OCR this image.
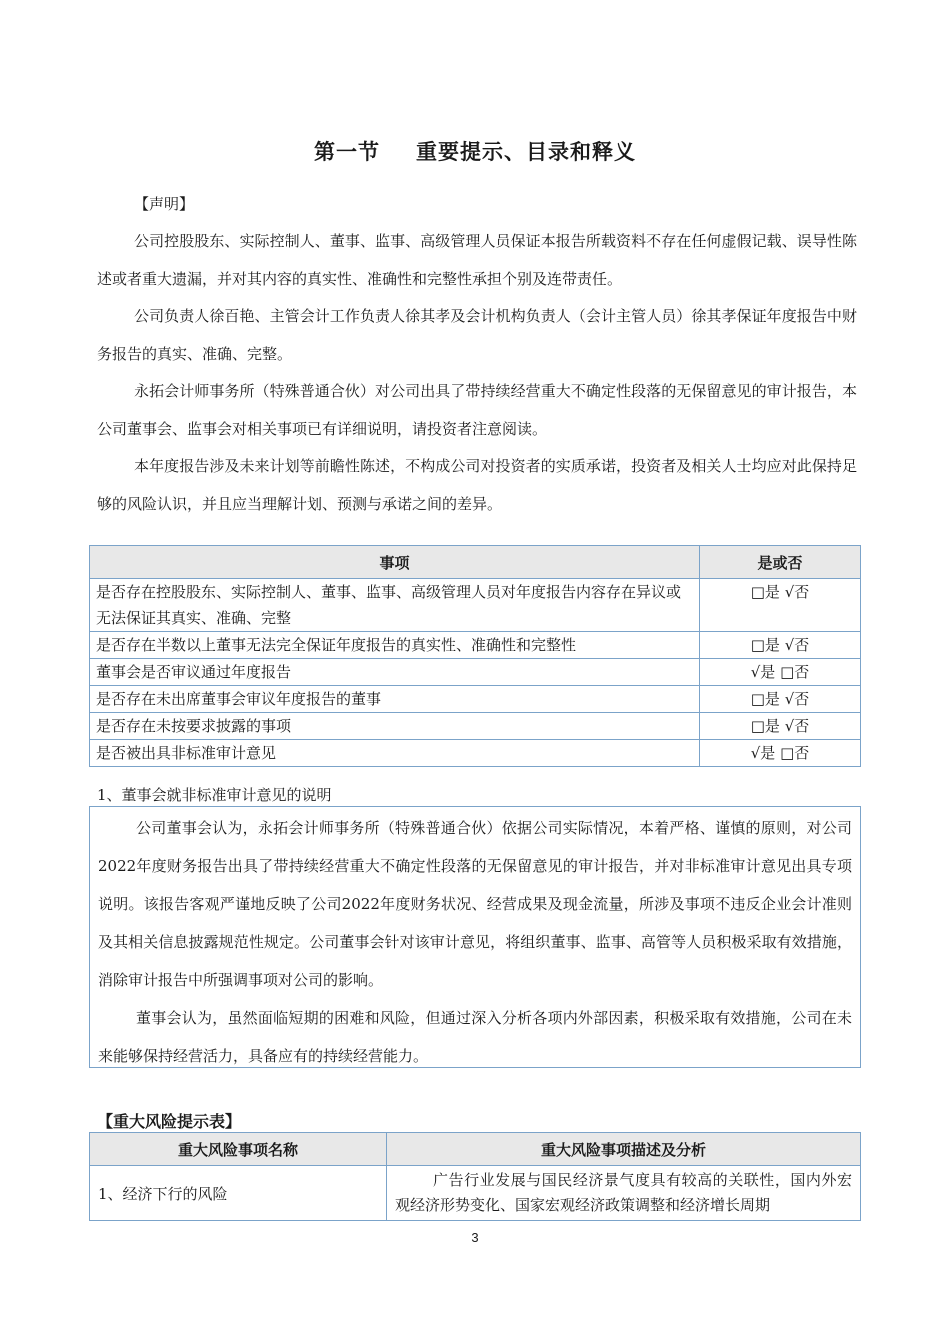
第一节 重要提示、目录和释义
【声明】
公司控股股东、实际控制人、董事、监事、高级管理人员保证本报告所载资料不存在任何虚假记载、误导性陈述或者重大遗漏，并对其内容的真实性、准确性和完整性承担个别及连带责任。
公司负责人徐百艳、主管会计工作负责人徐其孝及会计机构负责人（会计主管人员）徐其孝保证年度报告中财务报告的真实、准确、完整。
永拓会计师事务所（特殊普通合伙）对公司出具了带持续经营重大不确定性段落的无保留意见的审计报告，本公司董事会、监事会对相关事项已有详细说明，请投资者注意阅读。
本年度报告涉及未来计划等前瞻性陈述，不构成公司对投资者的实质承诺，投资者及相关人士均应对此保持足够的风险认识，并且应当理解计划、预测与承诺之间的差异。
事项	是或否
是否存在控股股东、实际控制人、董事、监事、高级管理人员对年度报告内容存在异议或无法保证其真实、准确、完整	□是 √否
是否存在半数以上董事无法完全保证年度报告的真实性、准确性和完整性	□是 √否
董事会是否审议通过年度报告	√是 □否
是否存在未出席董事会审议年度报告的董事	□是 √否
是否存在未按要求披露的事项	□是 √否
是否被出具非标准审计意见	√是 □否
1、董事会就非标准审计意见的说明

公司董事会认为，永拓会计师事务所（特殊普通合伙）依据公司实际情况，本着严格、谨慎的原则，对公司2022年度财务报告出具了带持续经营重大不确定性段落的无保留意见的审计报告，并对非标准审计意见出具专项说明。该报告客观严谨地反映了公司2022年度财务状况、经营成果及现金流量，所涉及事项不违反企业会计准则及其相关信息披露规范性规定。公司董事会针对该审计意见，将组织董事、监事、高管等人员积极采取有效措施，消除审计报告中所强调事项对公司的影响。

董事会认为，虽然面临短期的困难和风险，但通过深入分析各项内外部因素，积极采取有效措施，公司在未来能够保持经营活力，具备应有的持续经营能力。

【重大风险提示表】
重大风险事项名称	重大风险事项描述及分析
1、经济下行的风险	广告行业发展与国民经济景气度具有较高的关联性，国内外宏观经济形势变化、国家宏观经济政策调整和经济增长周期
3
